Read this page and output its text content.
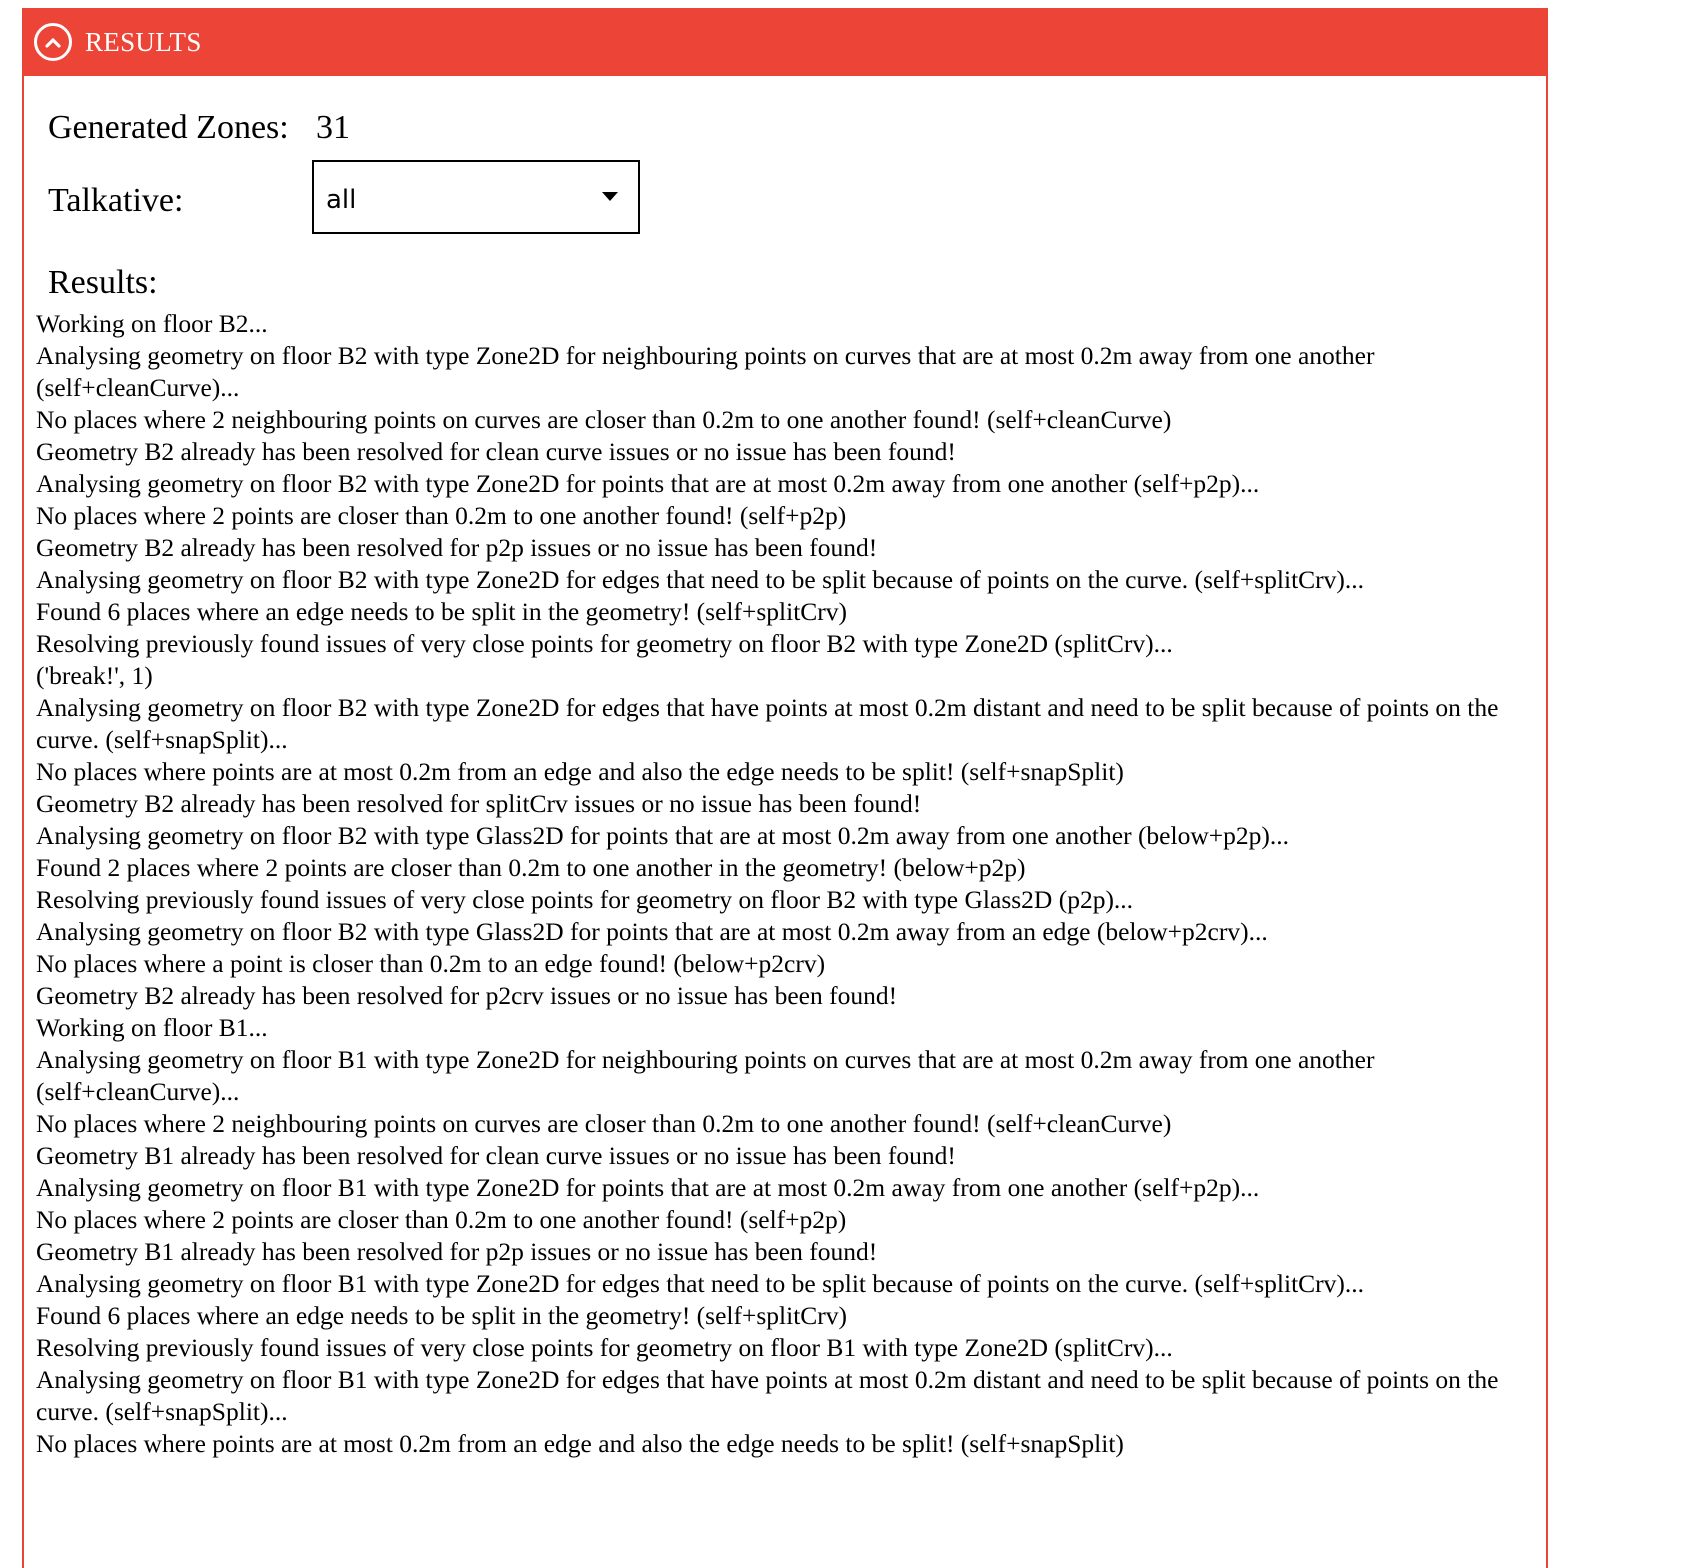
RESULTS
Generated Zones: 31
Talkative:	all
Results:

Working on floor B2...

Analysing geometry on floor B2 with type Zone2D for neighbouring points on curves that are at most 0.2m away from one another (self+cleanCurve)...

No places where 2 neighbouring points on curves are closer than 0.2m to one another found! (self+cleanCurve)

Geometry B2 already has been resolved for clean curve issues or no issue has been found!

Analysing geometry on floor B2 with type Zone2D for points that are at most 0.2m away from one another (self+p2p)...

No places where 2 points are closer than 0.2m to one another found! (self+p2p)

Geometry B2 already has been resolved for p2p issues or no issue has been found!

Analysing geometry on floor B2 with type Zone2D for edges that need to be split because of points on the curve. (self+splitCrv)...

Found 6 places where an edge needs to be split in the geometry! (self+splitCrv)

Resolving previously found issues of very close points for geometry on floor B2 with type Zone2D (splitCrv)...

('break!', 1)

Analysing geometry on floor B2 with type Zone2D for edges that have points at most 0.2m distant and need to be split because of points on the curve. (self+snapSplit)...

No places where points are at most 0.2m from an edge and also the edge needs to be split! (self+snapSplit)

Geometry B2 already has been resolved for splitCrv issues or no issue has been found!

Analysing geometry on floor B2 with type Glass2D for points that are at most 0.2m away from one another (below+p2p)...

Found 2 places where 2 points are closer than 0.2m to one another in the geometry! (below+p2p)

Resolving previously found issues of very close points for geometry on floor B2 with type Glass2D (p2p)...

Analysing geometry on floor B2 with type Glass2D for points that are at most 0.2m away from an edge (below+p2crv)...

No places where a point is closer than 0.2m to an edge found! (below+p2crv)

Geometry B2 already has been resolved for p2crv issues or no issue has been found!

Working on floor B1...

Analysing geometry on floor B1 with type Zone2D for neighbouring points on curves that are at most 0.2m away from one another (self+cleanCurve)...

No places where 2 neighbouring points on curves are closer than 0.2m to one another found! (self+cleanCurve)

Geometry B1 already has been resolved for clean curve issues or no issue has been found!

Analysing geometry on floor B1 with type Zone2D for points that are at most 0.2m away from one another (self+p2p)...

No places where 2 points are closer than 0.2m to one another found! (self+p2p)

Geometry B1 already has been resolved for p2p issues or no issue has been found!

Analysing geometry on floor B1 with type Zone2D for edges that need to be split because of points on the curve. (self+splitCrv)...

Found 6 places where an edge needs to be split in the geometry! (self+splitCrv)

Resolving previously found issues of very close points for geometry on floor B1 with type Zone2D (splitCrv)...

Analysing geometry on floor B1 with type Zone2D for edges that have points at most 0.2m distant and need to be split because of points on the curve. (self+snapSplit)...

No places where points are at most 0.2m from an edge and also the edge needs to be split! (self+snapSplit)
